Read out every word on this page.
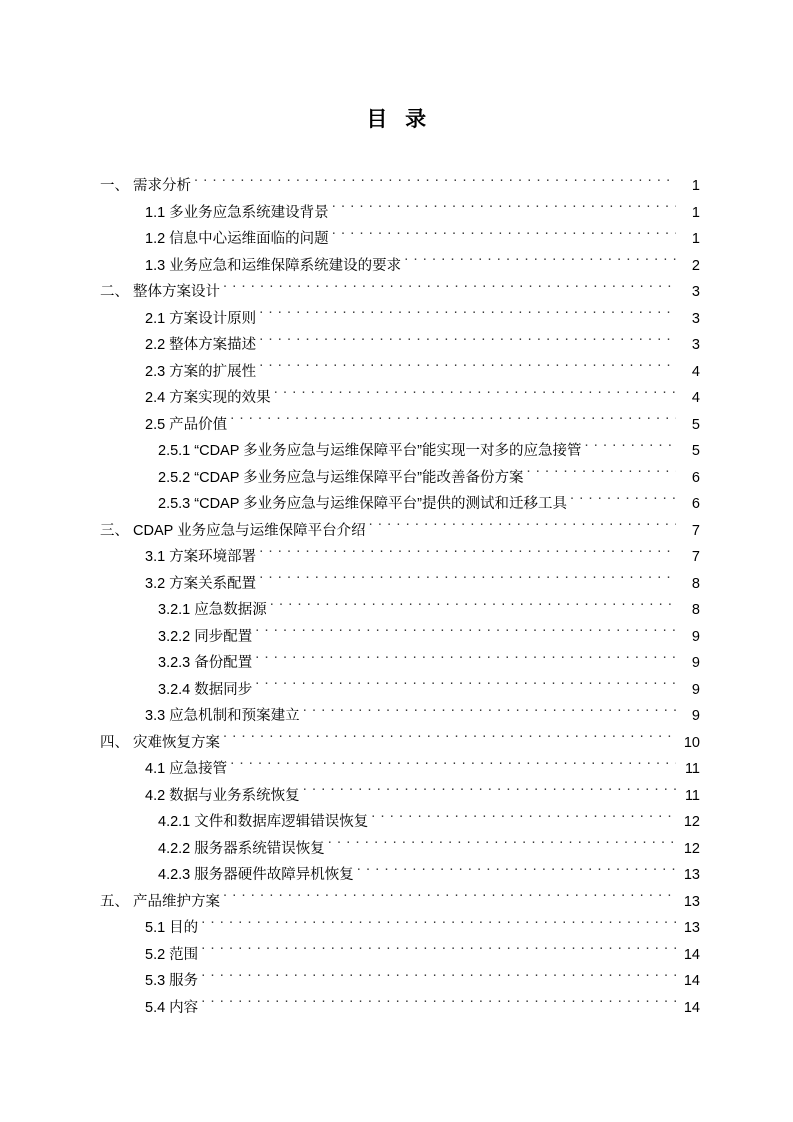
目  录
一、 需求分析 . . .	1
1.1 多业务应急系统建设背景 . . .	1
1.2 信息中心运维面临的问题 . . .	1
1.3 业务应急和运维保障系统建设的要求 . . .	2
二、 整体方案设计 . . .	3
2.1 方案设计原则 . . .	3
2.2 整体方案描述 . . .	3
2.3 方案的扩展性 . . .	4
2.4 方案实现的效果 . . .	4
2.5 产品价值 . . .	5
2.5.1 “CDAP 多业务应急与运维保障平台”能实现一对多的应急接管 . . .	5
2.5.2 “CDAP 多业务应急与运维保障平台”能改善备份方案 . . .	6
2.5.3 “CDAP 多业务应急与运维保障平台”提供的测试和迁移工具 . . .	6
三、 CDAP 业务应急与运维保障平台介绍 . . .	7
3.1 方案环境部署 . . .	7
3.2 方案关系配置 . . .	8
3.2.1 应急数据源 . . .	8
3.2.2 同步配置 . . .	9
3.2.3 备份配置 . . .	9
3.2.4 数据同步 . . .	9
3.3 应急机制和预案建立 . . .	9
四、 灾难恢复方案 . . .	10
4.1 应急接管 . . .	11
4.2 数据与业务系统恢复 . . .	11
4.2.1 文件和数据库逻辑错误恢复 . . .	12
4.2.2 服务器系统错误恢复 . . .	12
4.2.3 服务器硬件故障异机恢复 . . .	13
五、 产品维护方案 . . .	13
5.1 目的 . . .	13
5.2 范围 . . .	14
5.3 服务 . . .	14
5.4 内容 . . .	14
